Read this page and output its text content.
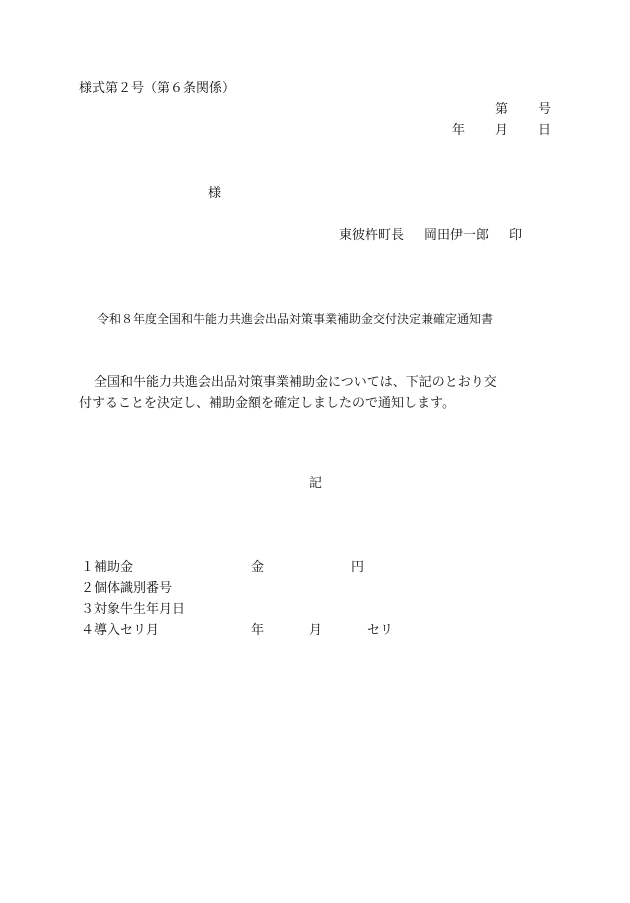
様式第２号（第６条関係）
第 号
年 月 日
様
東彼杵町長 岡田伊一郎 印
令和８年度全国和牛能力共進会出品対策事業補助金交付決定兼確定通知書
全国和牛能力共進会出品対策事業補助金については、下記のとおり交
付することを決定し、補助金額を確定しましたので通知します。
記
１補助金	金	円
２個体識別番号
３対象牛生年月日
４導入セリ月	年	月	セリ
